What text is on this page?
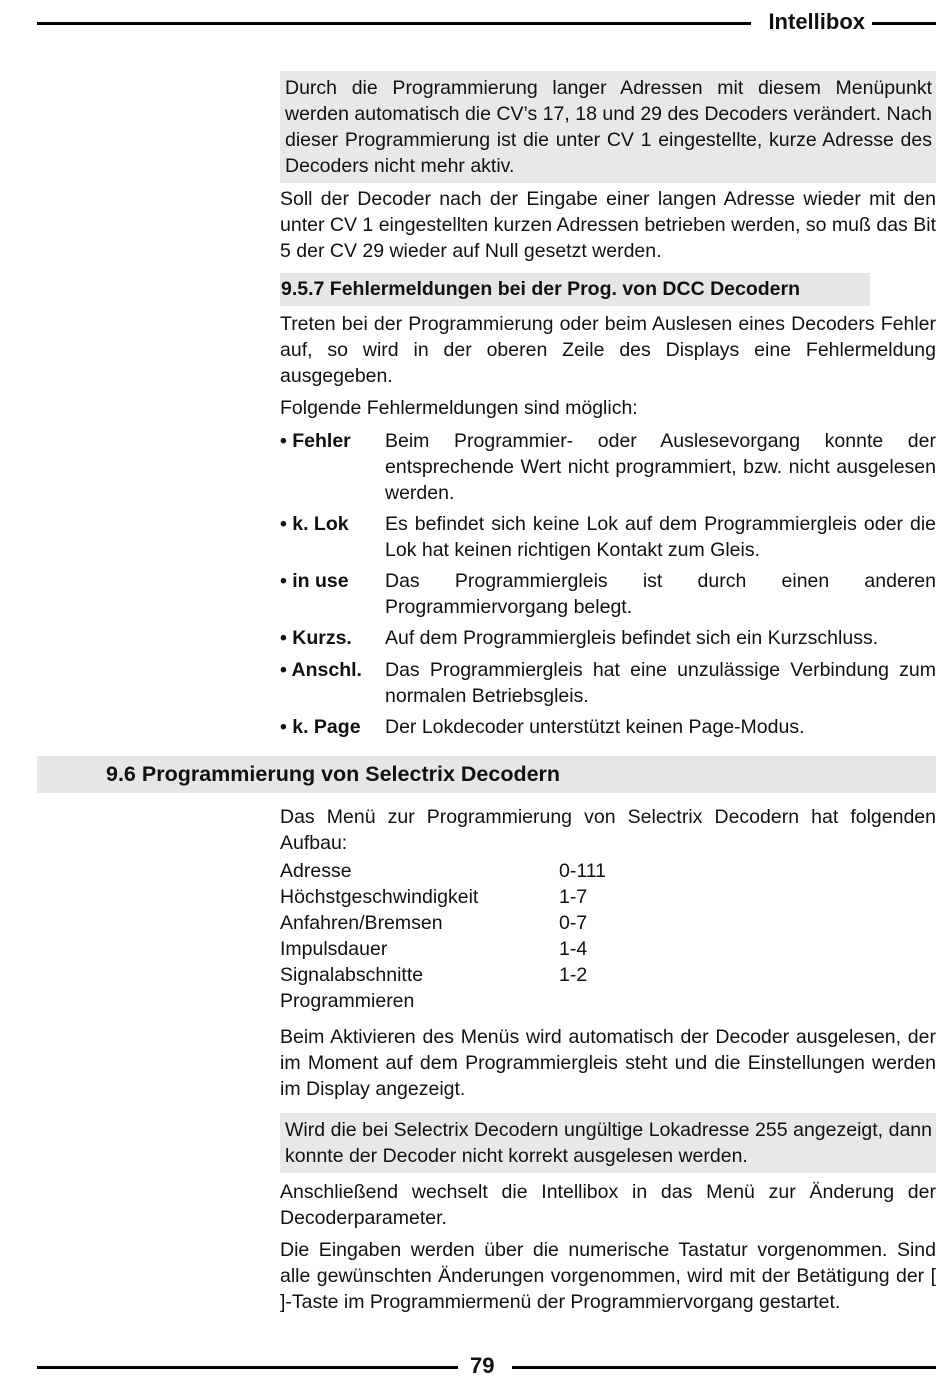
Intellibox
Durch die Programmierung langer Adressen mit diesem Menüpunkt werden automatisch die CV’s 17, 18 und 29 des Decoders verändert. Nach dieser Programmierung ist die unter CV 1 eingestellte, kurze Adresse des Decoders nicht mehr aktiv.

Soll der Decoder nach der Eingabe einer langen Adresse wieder mit den unter CV 1 eingestellten kurzen Adressen betrieben werden, so muß das Bit 5 der CV 29 wieder auf Null gesetzt werden.

9.5.7 Fehlermeldungen bei der Prog. von DCC Decodern

Treten bei der Programmierung oder beim Auslesen eines Decoders Fehler auf, so wird in der oberen Zeile des Displays eine Fehlermeldung ausgegeben.

Folgende Fehlermeldungen sind möglich:

• Fehler Beim Programmier- oder Auslesevorgang konnte der entsprechende Wert nicht programmiert, bzw. nicht ausgelesen werden.
• k. Lok Es befindet sich keine Lok auf dem Programmiergleis oder die Lok hat keinen richtigen Kontakt zum Gleis.
• in use Das Programmiergleis ist durch einen anderen Programmiervorgang belegt.
• Kurzs. Auf dem Programmiergleis befindet sich ein Kurzschluss.
• Anschl. Das Programmiergleis hat eine unzulässige Verbindung zum normalen Betriebsgleis.
• k. Page Der Lokdecoder unterstützt keinen Page-Modus.
9.6 Programmierung von Selectrix Decodern

Das Menü zur Programmierung von Selectrix Decodern hat folgenden Aufbau:

Adresse	0-111
Höchstgeschwindigkeit	1-7
Anfahren/Bremsen	0-7
Impulsdauer	1-4
Signalabschnitte	1-2
Programmieren

Beim Aktivieren des Menüs wird automatisch der Decoder ausgelesen, der im Moment auf dem Programmiergleis steht und die Einstellungen werden im Display angezeigt.

Wird die bei Selectrix Decodern ungültige Lokadresse 255 angezeigt, dann konnte der Decoder nicht korrekt ausgelesen werden.

Anschließend wechselt die Intellibox in das Menü zur Änderung der Decoderparameter.

Die Eingaben werden über die numerische Tastatur vorgenommen. Sind alle gewünschten Änderungen vorgenommen, wird mit der Betätigung der [ ]-Taste im Programmiermenü der Programmiervorgang gestartet.

79
